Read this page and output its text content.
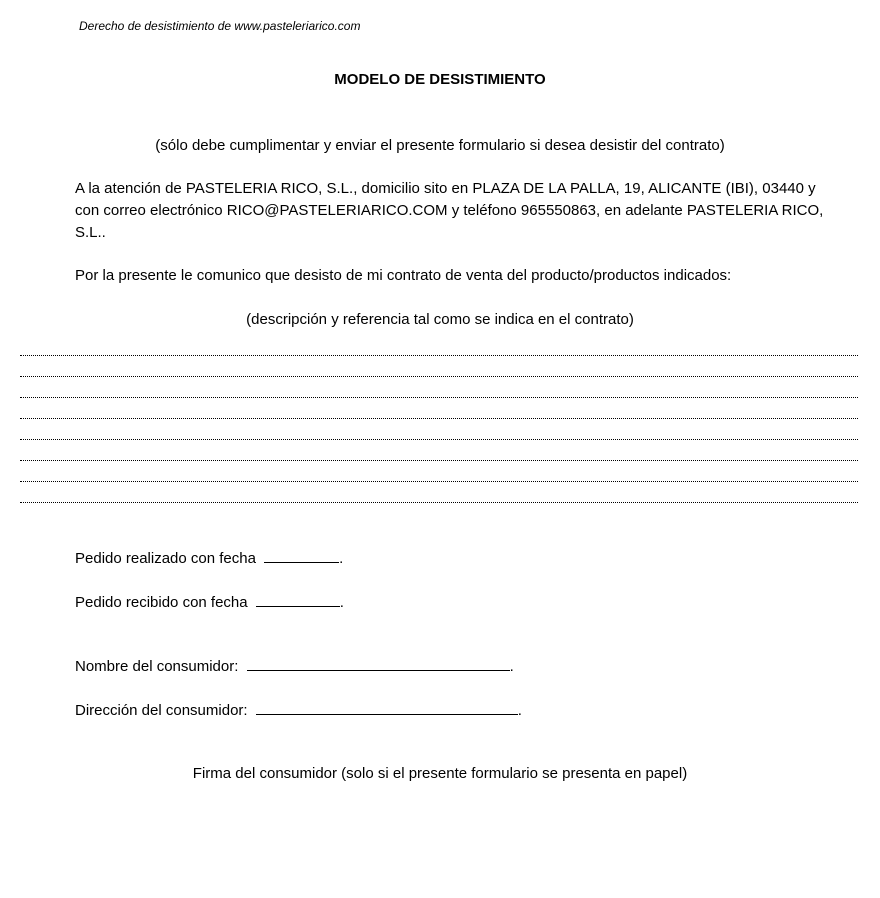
Derecho de desistimiento de www.pasteleriarico.com
MODELO DE DESISTIMIENTO
(sólo debe cumplimentar y enviar el presente formulario si desea desistir del contrato)
A la atención de PASTELERIA RICO, S.L., domicilio sito en PLAZA DE LA PALLA, 19, ALICANTE (IBI), 03440 y con correo electrónico RICO@PASTELERIARICO.COM y teléfono 965550863, en adelante PASTELERIA RICO, S.L..
Por la presente le comunico que desisto de mi contrato de venta del producto/productos indicados:
(descripción y referencia tal como se indica en el contrato)
Pedido realizado con fecha	.
Pedido recibido con fecha	.
Nombre del consumidor:	.
Dirección del consumidor:	.
Firma del consumidor (solo si el presente formulario se presenta en papel)
